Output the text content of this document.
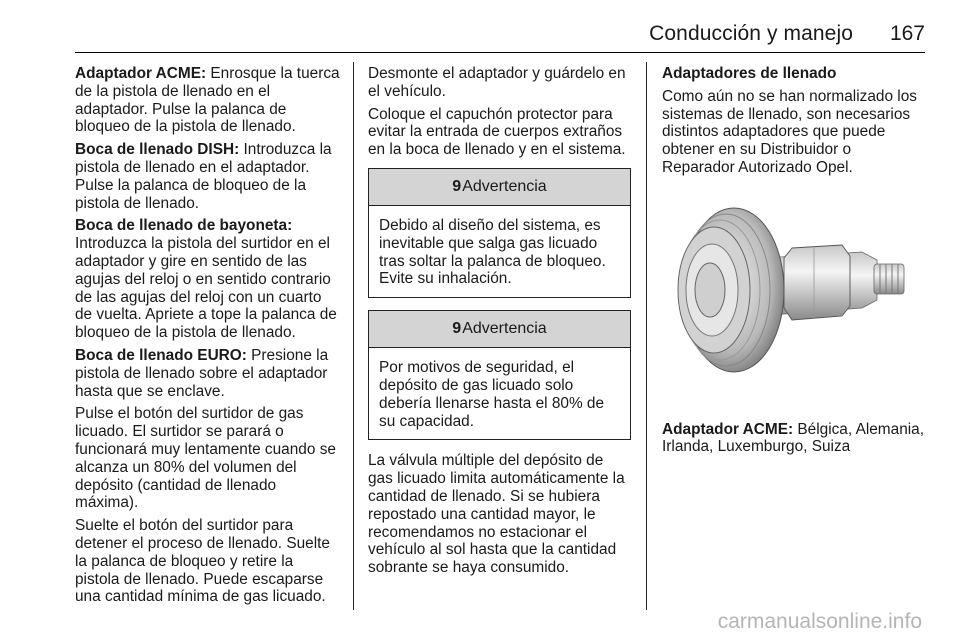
Conducción y manejo 167

Adaptador ACME: Enrosque la tuerca de la pistola de llenado en el adaptador. Pulse la palanca de bloqueo de la pistola de llenado.

Boca de llenado DISH: Introduzca la pistola de llenado en el adaptador. Pulse la palanca de bloqueo de la pistola de llenado.

Boca de llenado de bayoneta: Introduzca la pistola del surtidor en el adaptador y gire en sentido de las agujas del reloj o en sentido contrario de las agujas del reloj con un cuarto de vuelta. Apriete a tope la palanca de bloqueo de la pistola de llenado.

Boca de llenado EURO: Presione la pistola de llenado sobre el adaptador hasta que se enclave.

Pulse el botón del surtidor de gas licuado. El surtidor se parará o funcionará muy lentamente cuando se alcanza un 80% del volumen del depósito (cantidad de llenado máxima).

Suelte el botón del surtidor para detener el proceso de llenado. Suelte la palanca de bloqueo y retire la pistola de llenado. Puede escaparse una cantidad mínima de gas licuado.

Desmonte el adaptador y guárdelo en el vehículo.

Coloque el capuchón protector para evitar la entrada de cuerpos extraños en la boca de llenado y en el sistema.

9 Advertencia
Debido al diseño del sistema, es inevitable que salga gas licuado tras soltar la palanca de bloqueo. Evite su inhalación.
9 Advertencia
Por motivos de seguridad, el depósito de gas licuado solo debería llenarse hasta el 80% de su capacidad.

La válvula múltiple del depósito de gas licuado limita automáticamente la cantidad de llenado. Si se hubiera repostado una cantidad mayor, le recomendamos no estacionar el vehículo al sol hasta que la cantidad sobrante se haya consumido.

Adaptadores de llenado

Como aún no se han normalizado los sistemas de llenado, son necesarios distintos adaptadores que puede obtener en su Distribuidor o Reparador Autorizado Opel.

Adaptador ACME: Bélgica, Alemania, Irlanda, Luxemburgo, Suiza

carmanualsonline.info
